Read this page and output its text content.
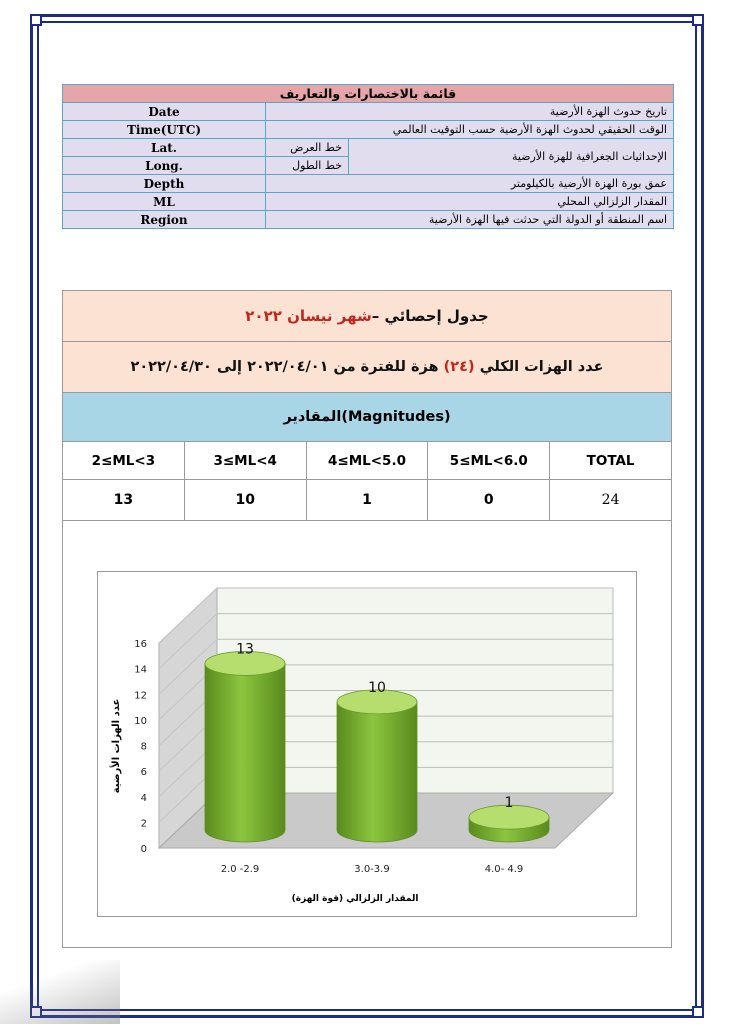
قائمة بالاختصارات والتعاريف		
Date	تاريخ حدوث الهزة الأرضية	
Time(UTC)	الوقت الحقيقي لحدوث الهزة الأرضية حسب التوقيت العالمي	
Lat.	خط العرض	الإحداثيات الجغرافية للهزة الأرضية
Long.	خط الطول	
Depth	عمق بورة الهزة الأرضية بالكيلومتر	
ML	المقدار الزلزالي المحلي	
Region	اسم المنطقة أو الدولة التي حدثت فيها الهزة الأرضية	
جدول إحصائي –شهر نيسان ٢٠٢٢				
عدد الهزات الكلي (٢٤) هزة للفترة من ٢٠٢٢/٠٤/٠١ إلى ٢٠٢٢/٠٤/٣٠				
المقادير(Magnitudes)				
2≤ML<3	3≤ML<4	4≤ML<5.0	5≤ML<6.0	TOTAL
13	10	1	0	24

0
2
4
6
8
10
12
14
16	13
10
1
2.0 -2.9	3.0-3.9	4.0- 4.9
عدد الهزات الأرضية
المقدار الزلزالي (قوة الهزة)
